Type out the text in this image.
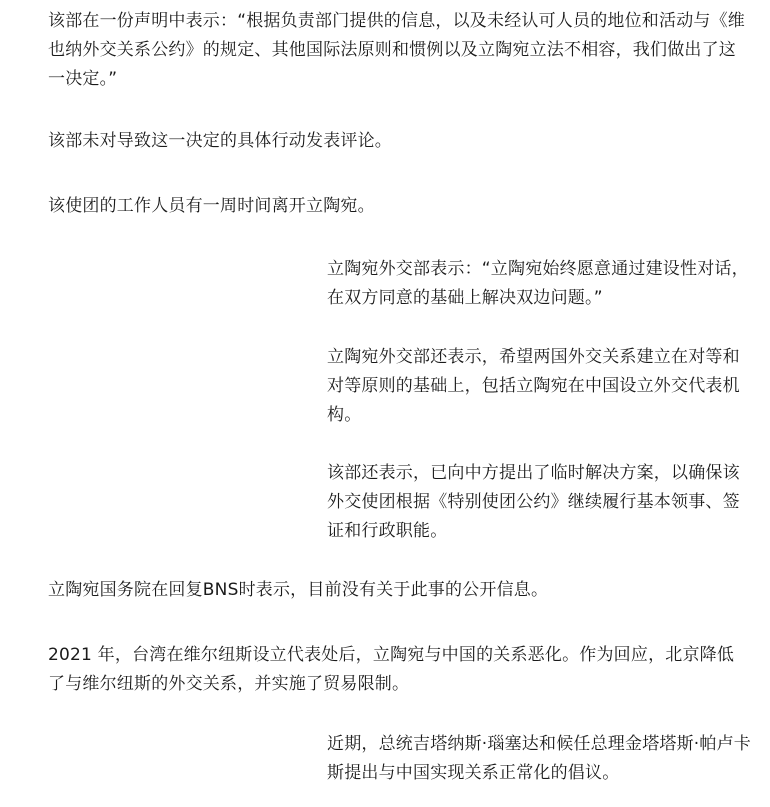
该部在一份声明中表示：“根据负责部门提供的信息，以及未经认可人员的地位和活动与《维也纳外交关系公约》的规定、其他国际法原则和惯例以及立陶宛立法不相容，我们做出了这一决定。”

该部未对导致这一决定的具体行动发表评论。

该使团的工作人员有一周时间离开立陶宛。

立陶宛外交部表示：“立陶宛始终愿意通过建设性对话，在双方同意的基础上解决双边问题。”

立陶宛外交部还表示，希望两国外交关系建立在对等和对等原则的基础上，包括立陶宛在中国设立外交代表机构。

该部还表示，已向中方提出了临时解决方案，以确保该外交使团根据《特别使团公约》继续履行基本领事、签证和行政职能。

立陶宛国务院在回复BNS时表示，目前没有关于此事的公开信息。

2021 年，台湾在维尔纽斯设立代表处后，立陶宛与中国的关系恶化。作为回应，北京降低了与维尔纽斯的外交关系，并实施了贸易限制。

近期，总统吉塔纳斯·瑙塞达和候任总理金塔塔斯·帕卢卡斯提出与中国实现关系正常化的倡议。
